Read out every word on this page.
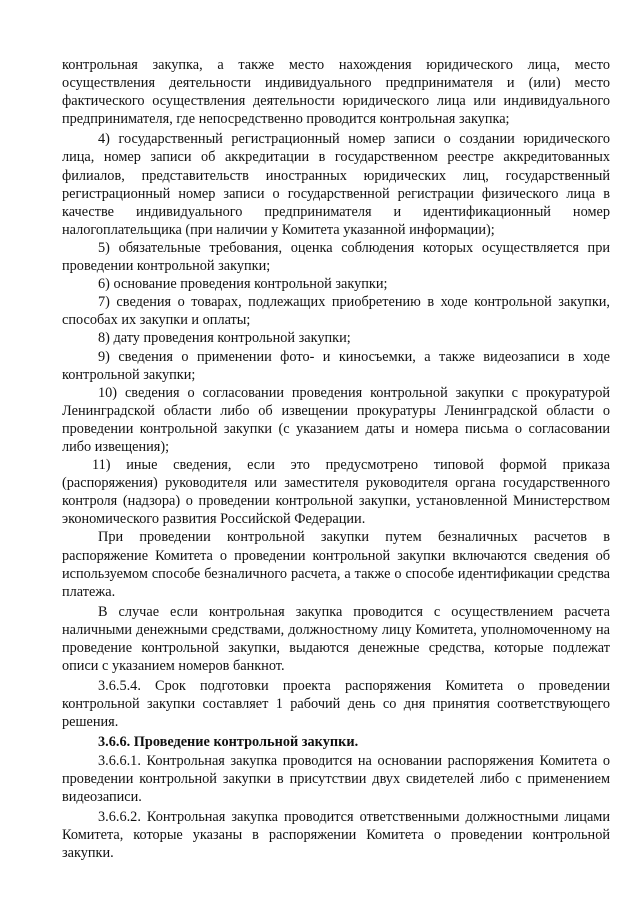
контрольная закупка, а также место нахождения юридического лица, место осуществления деятельности индивидуального предпринимателя и (или) место фактического осуществления деятельности юридического лица или индивидуального предпринимателя, где непосредственно проводится контрольная закупка;

4) государственный регистрационный номер записи о создании юридического лица, номер записи об аккредитации в государственном реестре аккредитованных филиалов, представительств иностранных юридических лиц, государственный регистрационный номер записи о государственной регистрации физического лица в качестве индивидуального предпринимателя и идентификационный номер налогоплательщика (при наличии у Комитета указанной информации);

5) обязательные требования, оценка соблюдения которых осуществляется при проведении контрольной закупки;

6) основание проведения контрольной закупки;

7) сведения о товарах, подлежащих приобретению в ходе контрольной закупки, способах их закупки и оплаты;

8) дату проведения контрольной закупки;

9) сведения о применении фото- и киносъемки, а также видеозаписи в ходе контрольной закупки;

10) сведения о согласовании проведения контрольной закупки с прокуратурой Ленинградской области либо об извещении прокуратуры Ленинградской области о проведении контрольной закупки (с указанием даты и номера письма о согласовании либо извещения);

11) иные сведения, если это предусмотрено типовой формой приказа (распоряжения) руководителя или заместителя руководителя органа государственного контроля (надзора) о проведении контрольной закупки, установленной Министерством экономического развития Российской Федерации.

При проведении контрольной закупки путем безналичных расчетов в распоряжение Комитета о проведении контрольной закупки включаются сведения об используемом способе безналичного расчета, а также о способе идентификации средства платежа.

В случае если контрольная закупка проводится с осуществлением расчета наличными денежными средствами, должностному лицу Комитета, уполномоченному на проведение контрольной закупки, выдаются денежные средства, которые подлежат описи с указанием номеров банкнот.

3.6.5.4. Срок подготовки проекта распоряжения Комитета о проведении контрольной закупки составляет 1 рабочий день со дня принятия соответствующего решения.

3.6.6. Проведение контрольной закупки.

3.6.6.1. Контрольная закупка проводится на основании распоряжения Комитета о проведении контрольной закупки в присутствии двух свидетелей либо с применением видеозаписи.

3.6.6.2. Контрольная закупка проводится ответственными должностными лицами Комитета, которые указаны в распоряжении Комитета о проведении контрольной закупки.
